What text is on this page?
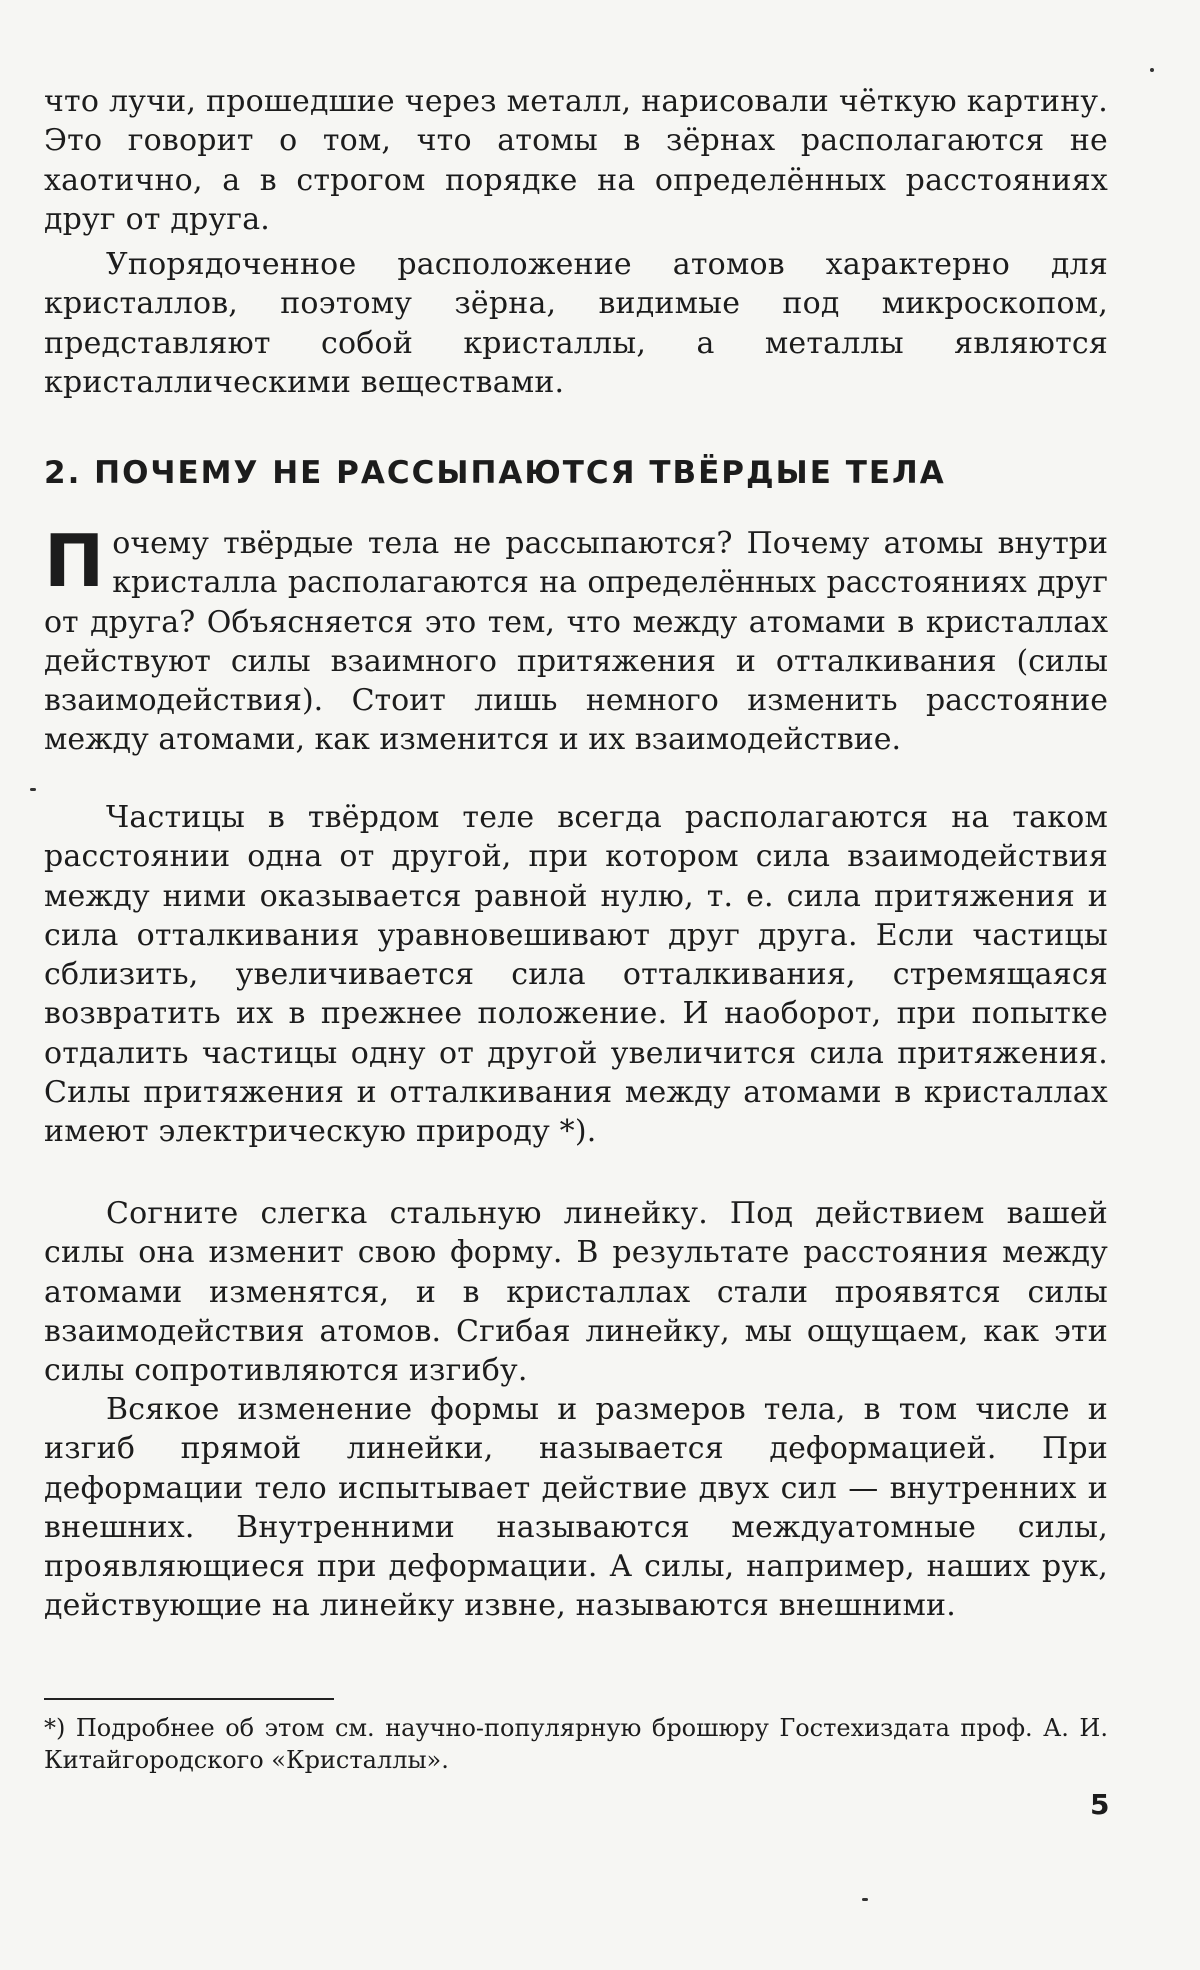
что лучи, прошедшие через металл, нарисовали чёткую картину. Это говорит о том, что атомы в зёрнах располагаются не хаотично, а в строгом порядке на определённых расстояниях друг от друга.

Упорядоченное расположение атомов характерно для кристаллов, поэтому зёрна, видимые под микроскопом, представляют собой кристаллы, а металлы являются кристаллическими веществами.

2. ПОЧЕМУ НЕ РАССЫПАЮТСЯ ТВЁРДЫЕ ТЕЛА
П очему твёрдые тела не рассыпаются? Почему атомы внутри кристалла располагаются на определённых расстояниях друг от друга? Объясняется это тем, что между атомами в кристаллах действуют силы взаимного притяжения и отталкивания (силы взаимодействия). Стоит лишь немного изменить расстояние между атомами, как изменится и их взаимодействие.

Частицы в твёрдом теле всегда располагаются на таком расстоянии одна от другой, при котором сила взаимодействия между ними оказывается равной нулю, т. е. сила притяжения и сила отталкивания уравновешивают друг друга. Если частицы сблизить, увеличивается сила отталкивания, стремящаяся возвратить их в прежнее положение. И наоборот, при попытке отдалить частицы одну от другой увеличится сила притяжения. Силы притяжения и отталкивания между атомами в кристаллах имеют электрическую природу *).

Согните слегка стальную линейку. Под действием вашей силы она изменит свою форму. В результате расстояния между атомами изменятся, и в кристаллах стали проявятся силы взаимодействия атомов. Сгибая линейку, мы ощущаем, как эти силы сопротивляются изгибу.

Всякое изменение формы и размеров тела, в том числе и изгиб прямой линейки, называется деформацией. При деформации тело испытывает действие двух сил — внутренних и внешних. Внутренними называются междуатомные силы, проявляющиеся при деформации. А силы, например, наших рук, действующие на линейку извне, называются внешними.

*) Подробнее об этом см. научно-популярную брошюру Гостехиздата проф. А. И. Китайгородского «Кристаллы».

5
